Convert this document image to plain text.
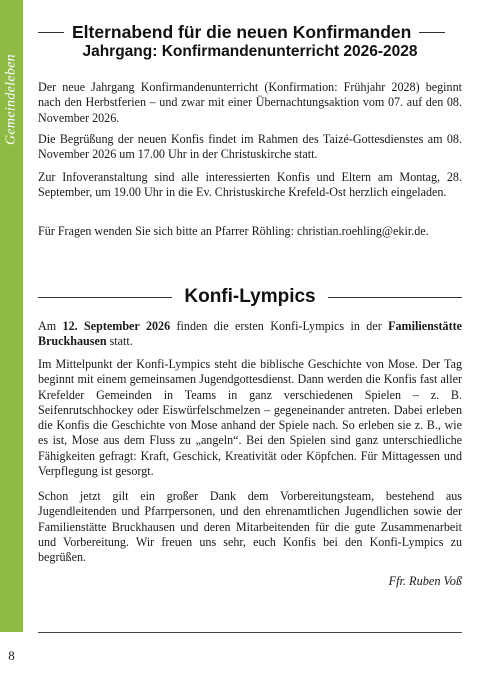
Gemeindeleben
8
Elternabend für die neuen Konfirmanden
Jahrgang: Konfirmandenunterricht 2026-2028

Der neue Jahrgang Konfirmandenunterricht (Konfirmation: Frühjahr 2028) beginnt nach den Herbstferien – und zwar mit einer Übernachtungsaktion vom 07. auf den 08. November 2026.

Die Begrüßung der neuen Konfis findet im Rahmen des Taizé-Gottesdienstes am 08. November 2026 um 17.00 Uhr in der Christuskirche statt.

Zur Infoveranstaltung sind alle interessierten Konfis und Eltern am Montag, 28. September, um 19.00 Uhr in die Ev. Christuskirche Krefeld-Ost herzlich eingeladen.

Für Fragen wenden Sie sich bitte an Pfarrer Röhling: christian.roehling@ekir.de.

Konfi-Lympics

Am 12. September 2026 finden die ersten Konfi-Lympics in der Familienstätte Bruckhausen statt.

Im Mittelpunkt der Konfi-Lympics steht die biblische Geschichte von Mose. Der Tag beginnt mit einem gemeinsamen Jugendgottesdienst. Dann werden die Konfis fast aller Krefelder Gemeinden in Teams in ganz verschiedenen Spielen – z. B. Seifenrutschhockey oder Eiswürfelschmelzen – gegeneinander antreten. Dabei erleben die Konfis die Geschichte von Mose anhand der Spiele nach. So erleben sie z. B., wie es ist, Mose aus dem Fluss zu „angeln“. Bei den Spielen sind ganz unterschiedliche Fähigkeiten gefragt: Kraft, Geschick, Kreativität oder Köpfchen. Für Mittagessen und Verpflegung ist gesorgt.

Schon jetzt gilt ein großer Dank dem Vorbereitungsteam, bestehend aus Jugendleitenden und Pfarrpersonen, und den ehrenamtlichen Jugendlichen sowie der Familienstätte Bruckhausen und deren Mitarbeitenden für die gute Zusammenarbeit und Vorbereitung. Wir freuen uns sehr, euch Konfis bei den Konfi-Lympics zu begrüßen.

Ffr. Ruben Voß
